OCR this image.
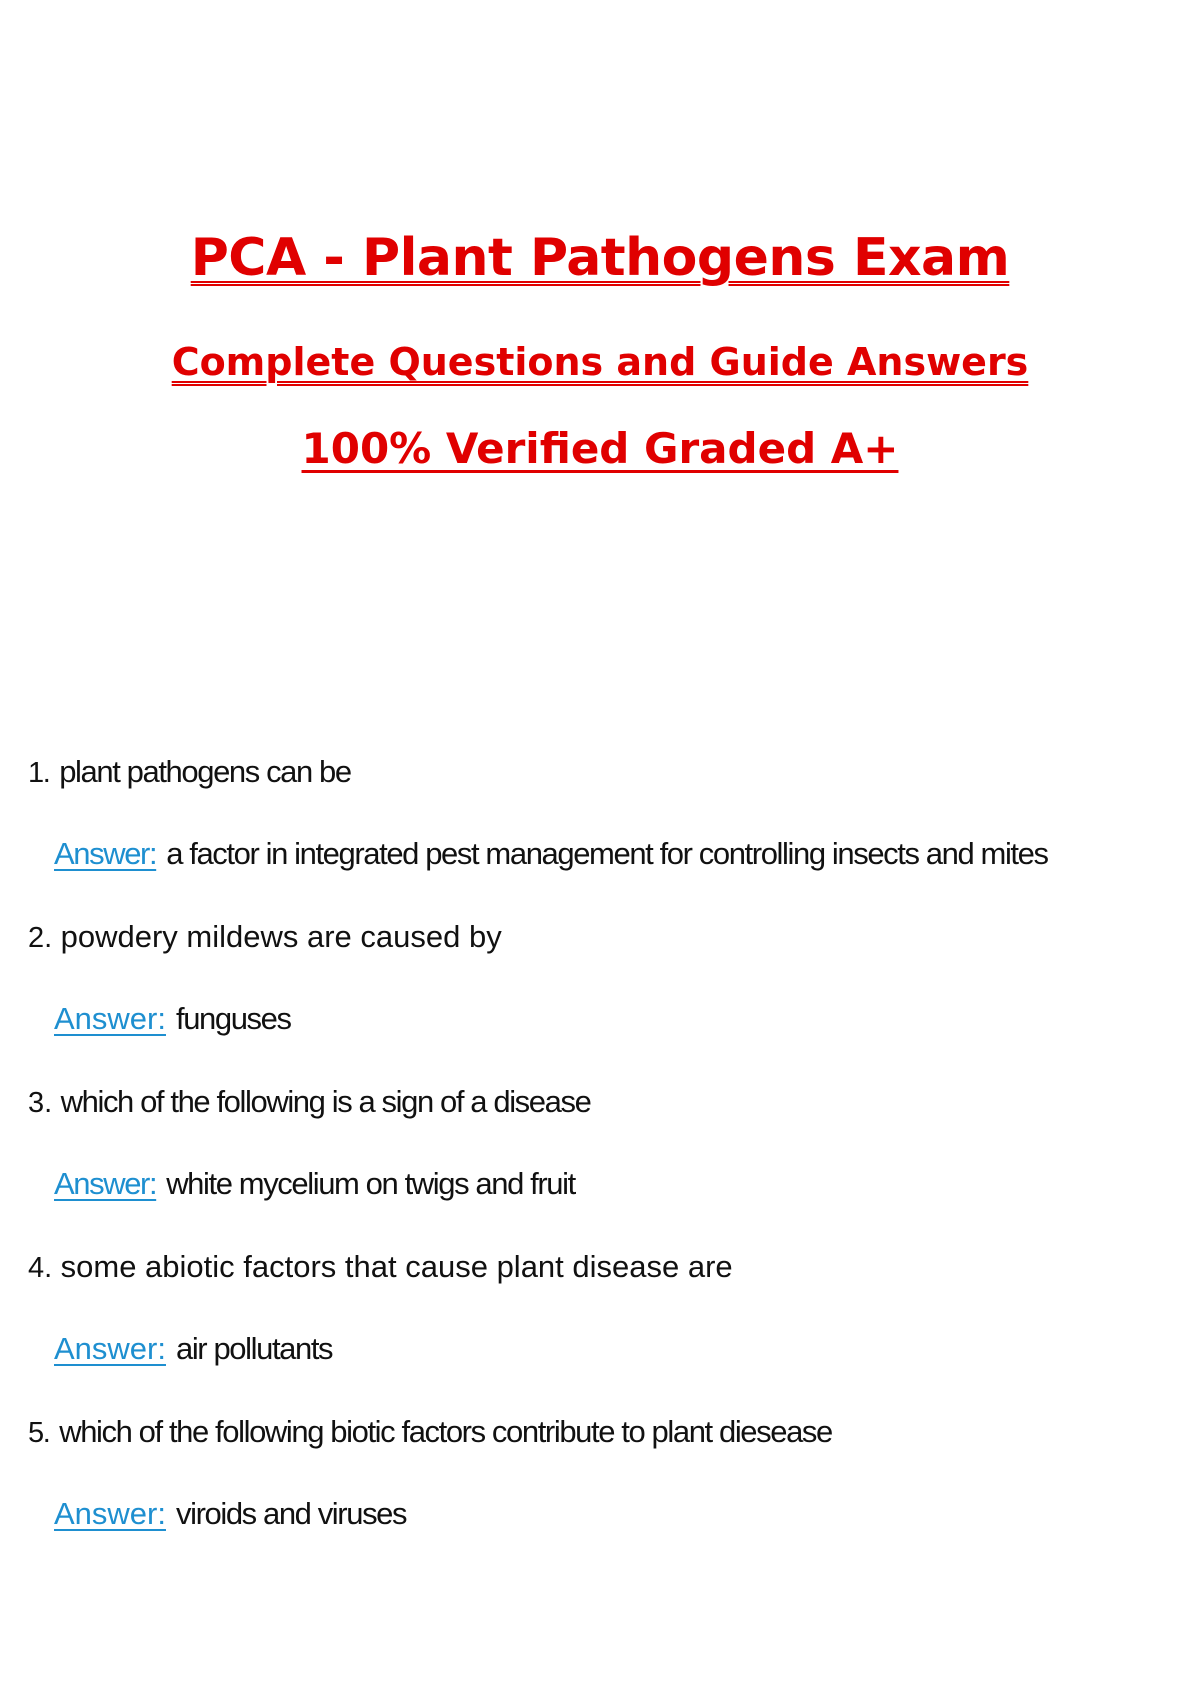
PCA - Plant Pathogens Exam
Complete Questions and Guide Answers
100% Verified Graded A+
1. plant pathogens can be
Answer: a factor in integrated pest management for controlling insects and mites
2. powdery mildews are caused by
Answer: funguses
3. which of the following is a sign of a disease
Answer: white mycelium on twigs and fruit
4. some abiotic factors that cause plant disease are
Answer: air pollutants
5. which of the following biotic factors contribute to plant diesease
Answer: viroids and viruses
